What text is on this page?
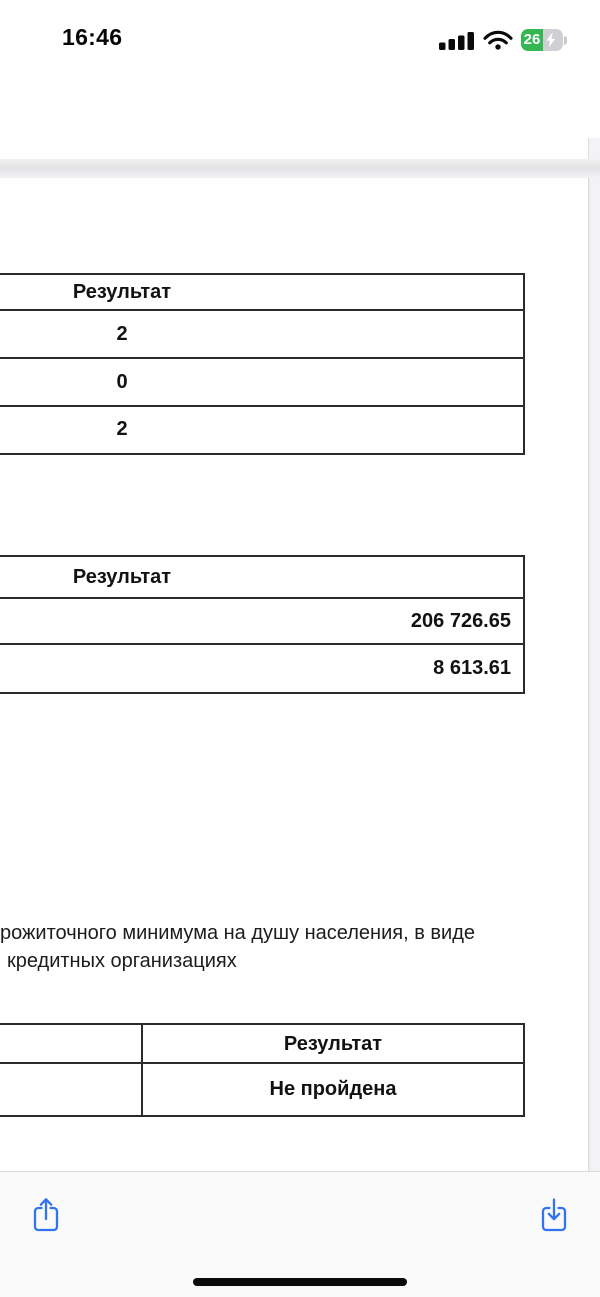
16:46	26
Результат
2
0
2
Результат
206 726.65
8 613.61
рожиточного минимума на душу населения, в виде
кредитных организациях
Результат
Не пройдена
